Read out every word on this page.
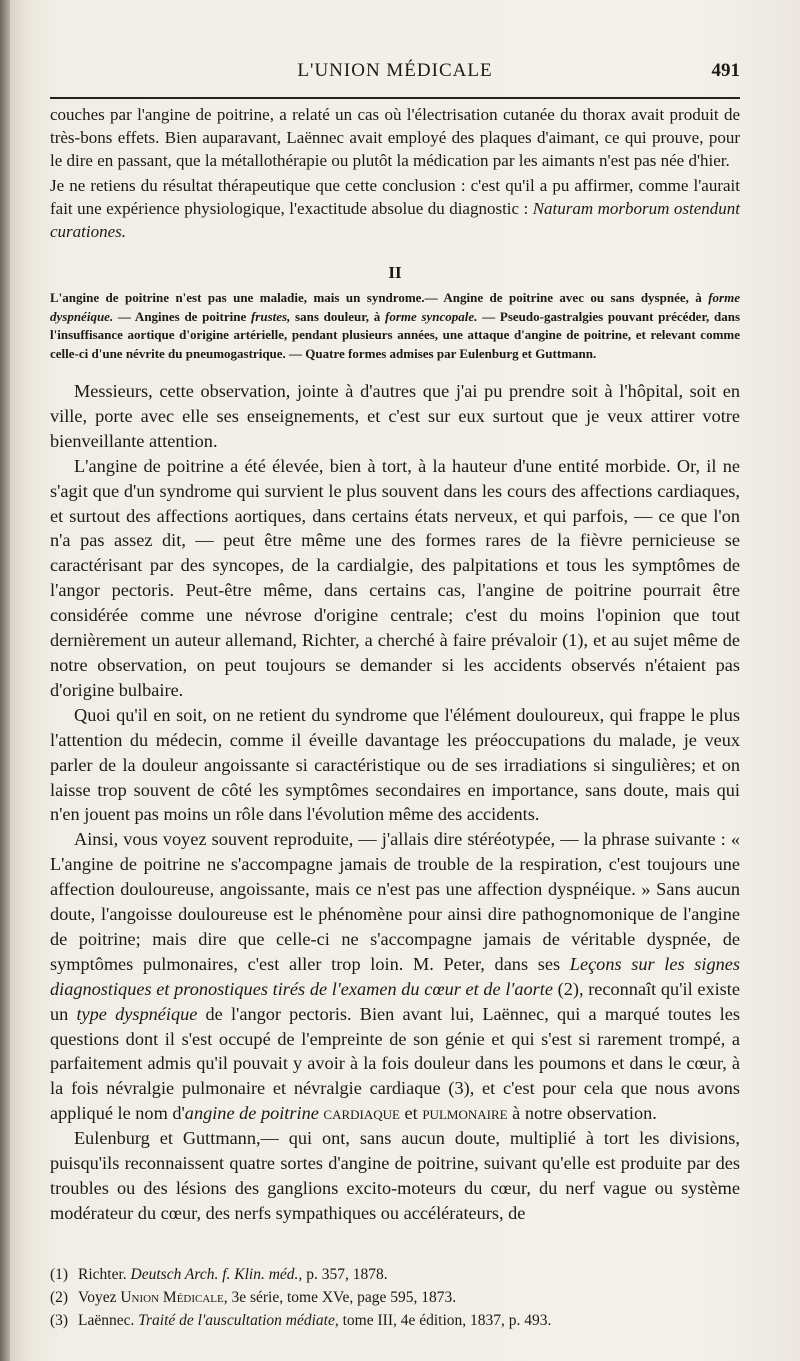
L'UNION MÉDICALE	491

couches par l'angine de poitrine, a relaté un cas où l'électrisation cutanée du thorax avait produit de très-bons effets. Bien auparavant, Laënnec avait employé des plaques d'aimant, ce qui prouve, pour le dire en passant, que la métallothérapie ou plutôt la médication par les aimants n'est pas née d'hier.

Je ne retiens du résultat thérapeutique que cette conclusion : c'est qu'il a pu affirmer, comme l'aurait fait une expérience physiologique, l'exactitude absolue du diagnostic : Naturam morborum ostendunt curationes.

II

L'angine de poitrine n'est pas une maladie, mais un syndrome.— Angine de poitrine avec ou sans dyspnée, à forme dyspnéique. — Angines de poitrine frustes, sans douleur, à forme syncopale. — Pseudo-gastralgies pouvant précéder, dans l'insuffisance aortique d'origine artérielle, pendant plusieurs années, une attaque d'angine de poitrine, et relevant comme celle-ci d'une névrite du pneumogastrique. — Quatre formes admises par Eulenburg et Guttmann.

Messieurs, cette observation, jointe à d'autres que j'ai pu prendre soit à l'hôpital, soit en ville, porte avec elle ses enseignements, et c'est sur eux surtout que je veux attirer votre bienveillante attention.

L'angine de poitrine a été élevée, bien à tort, à la hauteur d'une entité morbide. Or, il ne s'agit que d'un syndrome qui survient le plus souvent dans les cours des affections cardiaques, et surtout des affections aortiques, dans certains états nerveux, et qui parfois, — ce que l'on n'a pas assez dit, — peut être même une des formes rares de la fièvre pernicieuse se caractérisant par des syncopes, de la cardialgie, des palpitations et tous les symptômes de l'angor pectoris. Peut-être même, dans certains cas, l'angine de poitrine pourrait être considérée comme une névrose d'origine centrale; c'est du moins l'opinion que tout dernièrement un auteur allemand, Richter, a cherché à faire prévaloir (1), et au sujet même de notre observation, on peut toujours se demander si les accidents observés n'étaient pas d'origine bulbaire.

Quoi qu'il en soit, on ne retient du syndrome que l'élément douloureux, qui frappe le plus l'attention du médecin, comme il éveille davantage les préoccupations du malade, je veux parler de la douleur angoissante si caractéristique ou de ses irradiations si singulières; et on laisse trop souvent de côté les symptômes secondaires en importance, sans doute, mais qui n'en jouent pas moins un rôle dans l'évolution même des accidents.

Ainsi, vous voyez souvent reproduite, — j'allais dire stéréotypée, — la phrase suivante : « L'angine de poitrine ne s'accompagne jamais de trouble de la respiration, c'est toujours une affection douloureuse, angoissante, mais ce n'est pas une affection dyspnéique. » Sans aucun doute, l'angoisse douloureuse est le phénomène pour ainsi dire pathognomonique de l'angine de poitrine; mais dire que celle-ci ne s'accompagne jamais de véritable dyspnée, de symptômes pulmonaires, c'est aller trop loin. M. Peter, dans ses Leçons sur les signes diagnostiques et pronostiques tirés de l'examen du cœur et de l'aorte (2), reconnaît qu'il existe un type dyspnéique de l'angor pectoris. Bien avant lui, Laënnec, qui a marqué toutes les questions dont il s'est occupé de l'empreinte de son génie et qui s'est si rarement trompé, a parfaitement admis qu'il pouvait y avoir à la fois douleur dans les poumons et dans le cœur, à la fois névralgie pulmonaire et névralgie cardiaque (3), et c'est pour cela que nous avons appliqué le nom d'angine de poitrine cardiaque et pulmonaire à notre observation.

Eulenburg et Guttmann,— qui ont, sans aucun doute, multiplié à tort les divisions, puisqu'ils reconnaissent quatre sortes d'angine de poitrine, suivant qu'elle est produite par des troubles ou des lésions des ganglions excito-moteurs du cœur, du nerf vague ou système modérateur du cœur, des nerfs sympathiques ou accélérateurs, de

(1) Richter. Deutsch Arch. f. Klin. méd., p. 357, 1878.

(2) Voyez Union Médicale, 3e série, tome XVe, page 595, 1873.

(3) Laënnec. Traité de l'auscultation médiate, tome III, 4e édition, 1837, p. 493.
